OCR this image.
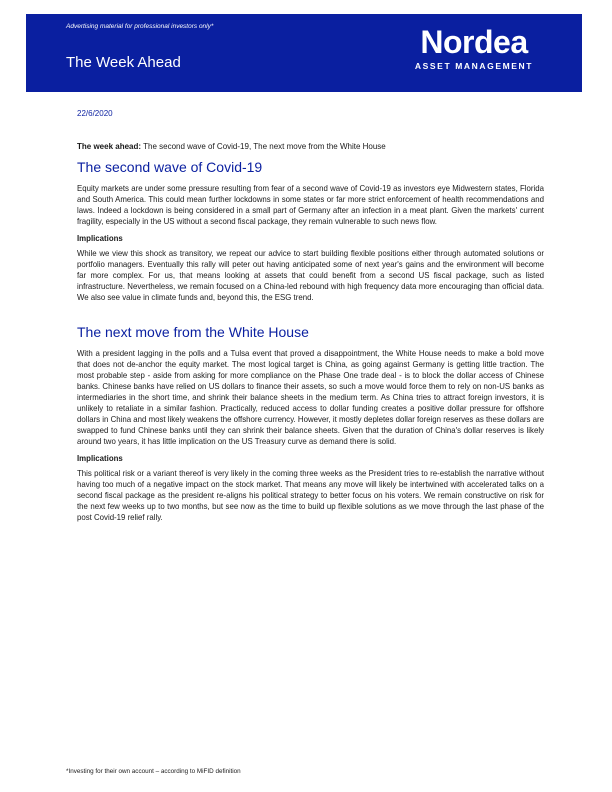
Advertising material for professional investors only*
The Week Ahead
Nordea
ASSET MANAGEMENT
22/6/2020
The week ahead: The second wave of Covid-19, The next move from the White House
The second wave of Covid-19

Equity markets are under some pressure resulting from fear of a second wave of Covid-19 as investors eye Midwestern states, Florida and South America. This could mean further lockdowns in some states or far more strict enforcement of health recommendations and laws. Indeed a lockdown is being considered in a small part of Germany after an infection in a meat plant. Given the markets' current fragility, especially in the US without a second fiscal package, they remain vulnerable to such news flow.

Implications

While we view this shock as transitory, we repeat our advice to start building flexible positions either through automated solutions or portfolio managers. Eventually this rally will peter out having anticipated some of next year's gains and the environment will become far more complex. For us, that means looking at assets that could benefit from a second US fiscal package, such as listed infrastructure. Nevertheless, we remain focused on a China-led rebound with high frequency data more encouraging than official data. We also see value in climate funds and, beyond this, the ESG trend.

The next move from the White House

With a president lagging in the polls and a Tulsa event that proved a disappointment, the White House needs to make a bold move that does not de-anchor the equity market. The most logical target is China, as going against Germany is getting little traction. The most probable step - aside from asking for more compliance on the Phase One trade deal - is to block the dollar access of Chinese banks. Chinese banks have relied on US dollars to finance their assets, so such a move would force them to rely on non-US banks as intermediaries in the short time, and shrink their balance sheets in the medium term. As China tries to attract foreign investors, it is unlikely to retaliate in a similar fashion. Practically, reduced access to dollar funding creates a positive dollar pressure for offshore dollars in China and most likely weakens the offshore currency. However, it mostly depletes dollar foreign reserves as these dollars are swapped to fund Chinese banks until they can shrink their balance sheets. Given that the duration of China's dollar reserves is likely around two years, it has little implication on the US Treasury curve as demand there is solid.

Implications

This political risk or a variant thereof is very likely in the coming three weeks as the President tries to re-establish the narrative without having too much of a negative impact on the stock market. That means any move will likely be intertwined with accelerated talks on a second fiscal package as the president re-aligns his political strategy to better focus on his voters. We remain constructive on risk for the next few weeks up to two months, but see now as the time to build up flexible solutions as we move through the last phase of the post Covid-19 relief rally.

*Investing for their own account – according to MiFID definition
